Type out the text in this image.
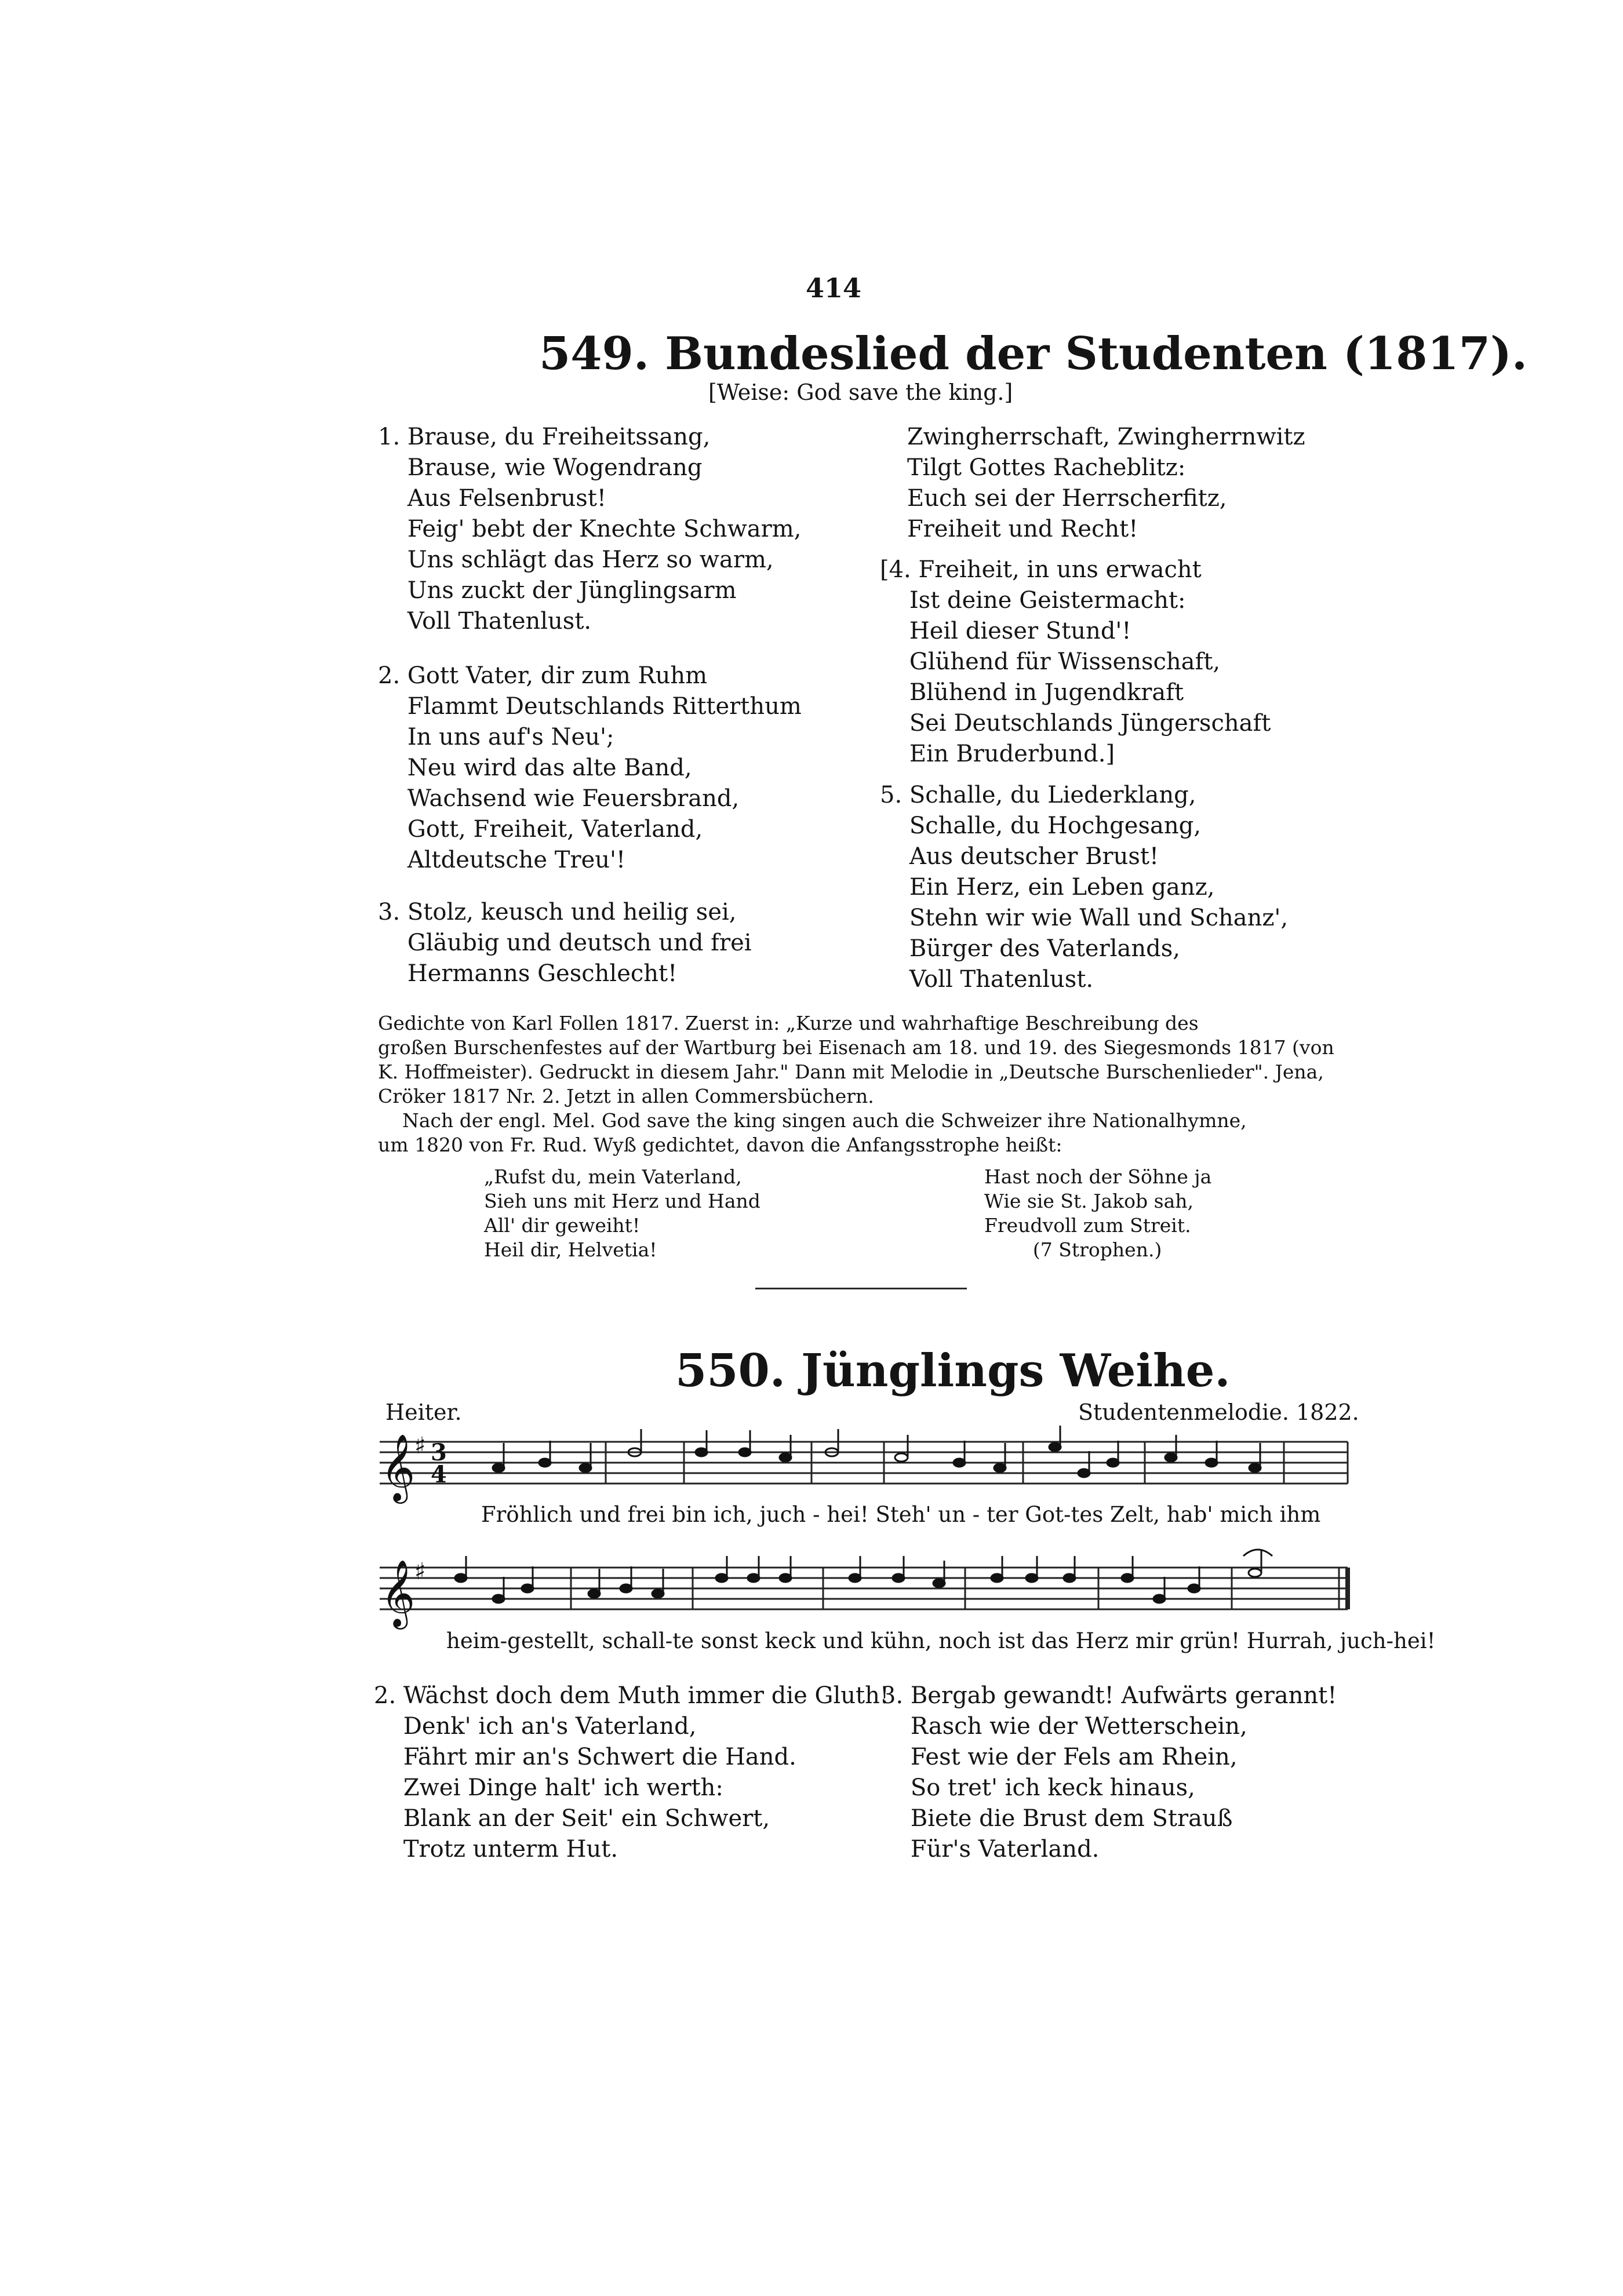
414
549. Bundeslied der Studenten (1817).
[Weise: God save the king.]
1. Brause, du Freiheitssang,
Brause, wie Wogendrang
Aus Felsenbrust!
Feig' bebt der Knechte Schwarm,
Uns schlägt das Herz so warm,
Uns zuckt der Jünglingsarm
Voll Thatenlust.
2. Gott Vater, dir zum Ruhm
Flammt Deutschlands Ritterthum
In uns auf's Neu';
Neu wird das alte Band,
Wachsend wie Feuersbrand,
Gott, Freiheit, Vaterland,
Altdeutsche Treu'!
3. Stolz, keusch und heilig sei,
Gläubig und deutsch und frei
Hermanns Geschlecht!
Zwingherrschaft, Zwingherrnwitz
Tilgt Gottes Racheblitz:
Euch sei der Herrscherfitz,
Freiheit und Recht!
[4. Freiheit, in uns erwacht
Ist deine Geistermacht:
Heil dieser Stund'!
Glühend für Wissenschaft,
Blühend in Jugendkraft
Sei Deutschlands Jüngerschaft
Ein Bruderbund.]
5. Schalle, du Liederklang,
Schalle, du Hochgesang,
Aus deutscher Brust!
Ein Herz, ein Leben ganz,
Stehn wir wie Wall und Schanz',
Bürger des Vaterlands,
Voll Thatenlust.
Gedichte von Karl Follen 1817. Zuerst in: „Kurze und wahrhaftige Beschreibung des
großen Burschenfestes auf der Wartburg bei Eisenach am 18. und 19. des Siegesmonds 1817 (von
K. Hoffmeister). Gedruckt in diesem Jahr." Dann mit Melodie in „Deutsche Burschenlieder". Jena,
Cröker 1817 Nr. 2. Jetzt in allen Commersbüchern.
Nach der engl. Mel. God save the king singen auch die Schweizer ihre Nationalhymne,
um 1820 von Fr. Rud. Wyß gedichtet, davon die Anfangsstrophe heißt:
„Rufst du, mein Vaterland,
Sieh uns mit Herz und Hand
All' dir geweiht!
Heil dir, Helvetia!
Hast noch der Söhne ja
Wie sie St. Jakob sah,
Freudvoll zum Streit.
(7 Strophen.)
550. Jünglings Weihe.
Heiter.	Studentenmelodie. 1822.
𝄞
♯ 3
4
Fröhlich und frei bin ich, juch - hei! Steh' un - ter Got-tes Zelt, hab' mich ihm
𝄞
♯
heim-gestellt, schall-te sonst keck und kühn, noch ist das Herz mir grün! Hurrah, juch-hei!
2. Wächst doch dem Muth immer die Gluth!
Denk' ich an's Vaterland,
Fährt mir an's Schwert die Hand.
Zwei Dinge halt' ich werth:
Blank an der Seit' ein Schwert,
Trotz unterm Hut.
3. Bergab gewandt! Aufwärts gerannt!
Rasch wie der Wetterschein,
Fest wie der Fels am Rhein,
So tret' ich keck hinaus,
Biete die Brust dem Strauß
Für's Vaterland.
